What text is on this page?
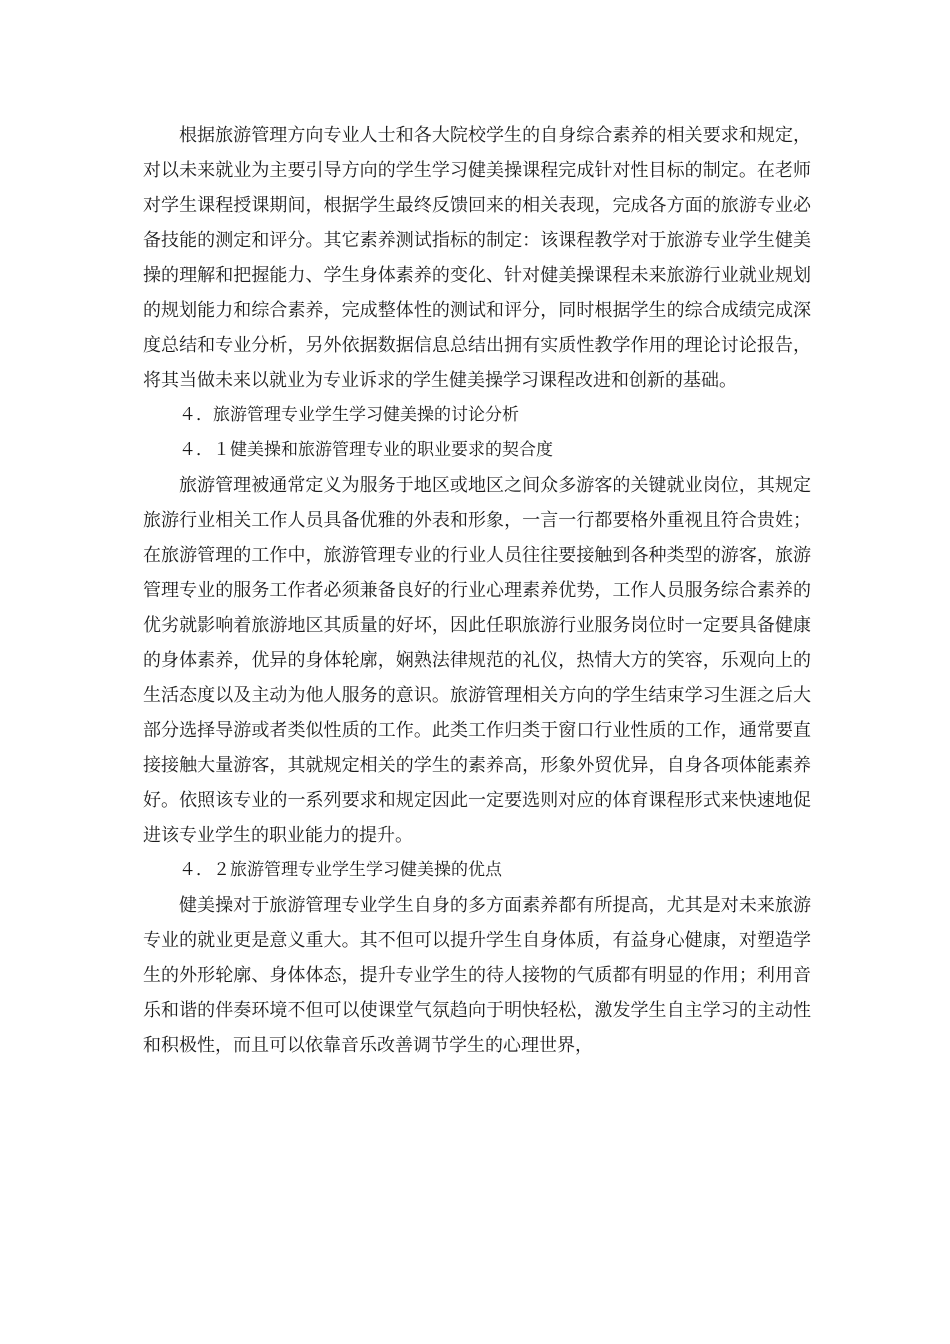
根据旅游管理方向专业人士和各大院校学生的自身综合素养的相关要求和规定，对以未来就业为主要引导方向的学生学习健美操课程完成针对性目标的制定。在老师对学生课程授课期间，根据学生最终反馈回来的相关表现，完成各方面的旅游专业必备技能的测定和评分。其它素养测试指标的制定：该课程教学对于旅游专业学生健美操的理解和把握能力、学生身体素养的变化、针对健美操课程未来旅游行业就业规划的规划能力和综合素养，完成整体性的测试和评分，同时根据学生的综合成绩完成深度总结和专业分析，另外依据数据信息总结出拥有实质性教学作用的理论讨论报告，将其当做未来以就业为专业诉求的学生健美操学习课程改进和创新的基础。

４．旅游管理专业学生学习健美操的讨论分析

４．１健美操和旅游管理专业的职业要求的契合度

旅游管理被通常定义为服务于地区或地区之间众多游客的关键就业岗位，其规定旅游行业相关工作人员具备优雅的外表和形象，一言一行都要格外重视且符合贵姓；在旅游管理的工作中，旅游管理专业的行业人员往往要接触到各种类型的游客，旅游管理专业的服务工作者必须兼备良好的行业心理素养优势，工作人员服务综合素养的优劣就影响着旅游地区其质量的好坏，因此任职旅游行业服务岗位时一定要具备健康的身体素养，优异的身体轮廓，娴熟法律规范的礼仪，热情大方的笑容，乐观向上的生活态度以及主动为他人服务的意识。旅游管理相关方向的学生结束学习生涯之后大部分选择导游或者类似性质的工作。此类工作归类于窗口行业性质的工作，通常要直接接触大量游客，其就规定相关的学生的素养高，形象外贸优异，自身各项体能素养好。依照该专业的一系列要求和规定因此一定要选则对应的体育课程形式来快速地促进该专业学生的职业能力的提升。

４．２旅游管理专业学生学习健美操的优点

健美操对于旅游管理专业学生自身的多方面素养都有所提高，尤其是对未来旅游专业的就业更是意义重大。其不但可以提升学生自身体质，有益身心健康，对塑造学生的外形轮廓、身体体态，提升专业学生的待人接物的气质都有明显的作用；利用音乐和谐的伴奏环境不但可以使课堂气氛趋向于明快轻松，激发学生自主学习的主动性和积极性，而且可以依靠音乐改善调节学生的心理世界，
